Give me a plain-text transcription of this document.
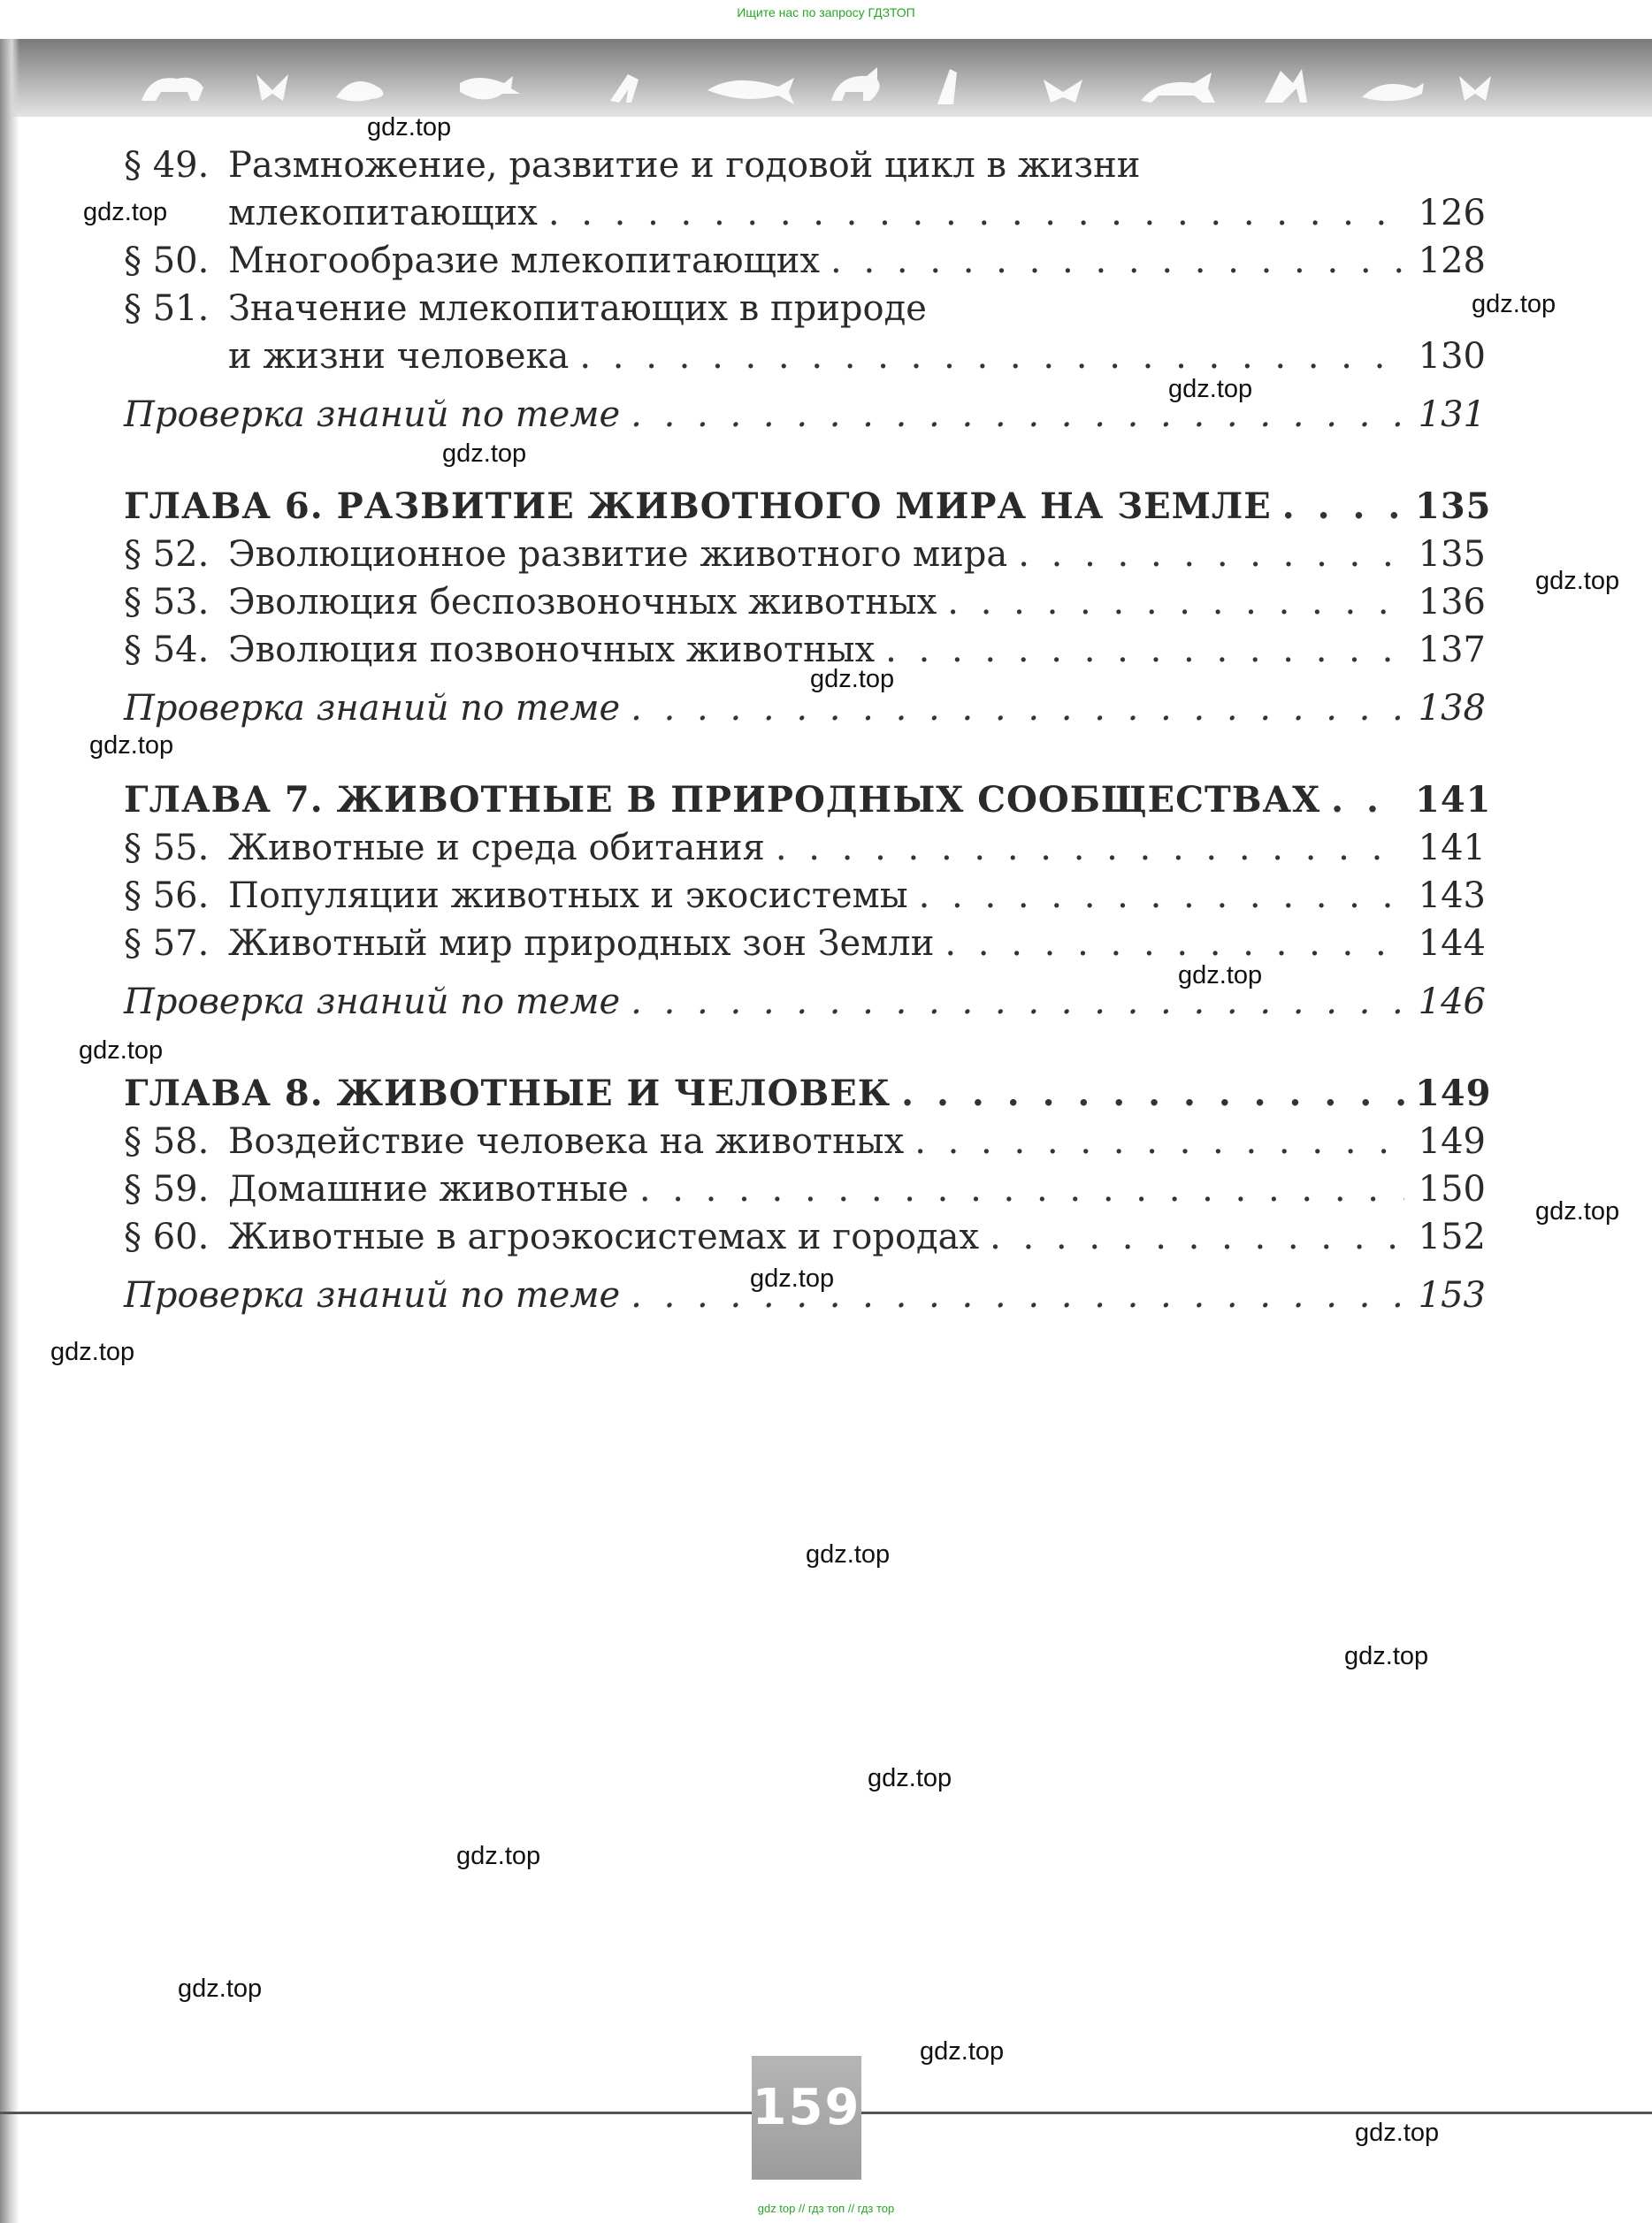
Ищите нас по запросу ГДЗТОП
§ 49. Размножение, развитие и годовой цикл в жизни
млекопитающих . . .	126
§ 50. Многообразие млекопитающих . . .	128
§ 51. Значение млекопитающих в природе
и жизни человека . . .	130
Проверка знаний по теме . . .	131
ГЛАВА 6. РАЗВИТИЕ ЖИВОТНОГО МИРА НА ЗЕМЛЕ . . .	135
§ 52. Эволюционное развитие животного мира . . .	135
§ 53. Эволюция беспозвоночных животных . . .	136
§ 54. Эволюция позвоночных животных . . .	137
Проверка знаний по теме . . .	138
ГЛАВА 7. ЖИВОТНЫЕ В ПРИРОДНЫХ СООБЩЕСТВАХ . . .	141
§ 55. Животные и среда обитания . . .	141
§ 56. Популяции животных и экосистемы . . .	143
§ 57. Животный мир природных зон Земли . . .	144
Проверка знаний по теме . . .	146
ГЛАВА 8. ЖИВОТНЫЕ И ЧЕЛОВЕК . . .	149
§ 58. Воздействие человека на животных . . .	149
§ 59. Домашние животные . . .	150
§ 60. Животные в агроэкосистемах и городах . . .	152
Проверка знаний по теме . . .	153
159
gdz.top
gdz.top
gdz.top
gdz.top
gdz.top
gdz.top
gdz.top
gdz.top
gdz.top
gdz.top
gdz.top
gdz.top
gdz.top
gdz.top
gdz.top
gdz.top
gdz.top
gdz.top
gdz.top
gdz.top
gdz top // гдз топ // гдз тор
